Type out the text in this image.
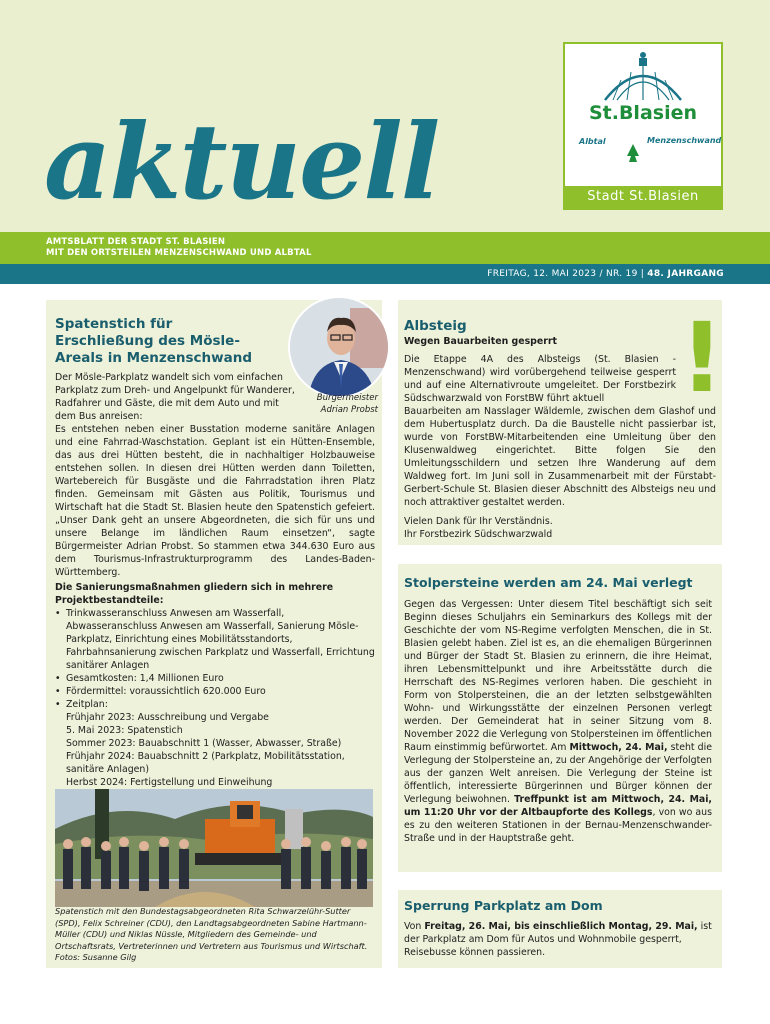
aktuell	St.Blasien
Albtal	Menzenschwand
Stadt St.Blasien
AMTSBLATT DER STADT ST. BLASIEN
MIT DEN ORTSTEILEN MENZENSCHWAND UND ALBTAL
FREITAG, 12. MAI 2023 / NR. 19 | 48. JAHRGANG
Spatenstich für Erschließung des Mösle-Areals in Menzenschwand
Bürgermeister
Adrian Probst
Der Mösle-Parkplatz wandelt sich vom einfachen Parkplatz zum Dreh- und Angelpunkt für Wanderer, Radfahrer und Gäste, die mit dem Auto und mit dem Bus anreisen:
Es entstehen neben einer Busstation moderne sanitäre Anlagen und eine Fahrrad-Waschstation. Geplant ist ein Hütten-Ensemble, das aus drei Hütten besteht, die in nachhaltiger Holzbauweise entstehen sollen. In diesen drei Hütten werden dann Toiletten, Wartebereich für Busgäste und die Fahrradstation ihren Platz finden. Gemeinsam mit Gästen aus Politik, Tourismus und Wirtschaft hat die Stadt St. Blasien heute den Spatenstich gefeiert. „Unser Dank geht an unsere Abgeordneten, die sich für uns und unsere Belange im ländlichen Raum einsetzen“, sagte Bürgermeister Adrian Probst. So stammen etwa 344.630 Euro aus dem Tourismus-Infrastrukturprogramm des Landes-Baden-Württemberg.
Die Sanierungsmaßnahmen gliedern sich in mehrere Projektbestandteile:
• Trinkwasseranschluss Anwesen am Wasserfall, Abwasseranschluss Anwesen am Wasserfall, Sanierung Mösle-Parkplatz, Einrichtung eines Mobilitätsstandorts, Fahrbahnsanierung zwischen Parkplatz und Wasserfall, Errichtung sanitärer Anlagen
• Gesamtkosten: 1,4 Millionen Euro
• Fördermittel: voraussichtlich 620.000 Euro
• Zeitplan:
Frühjahr 2023: Ausschreibung und Vergabe
5. Mai 2023: Spatenstich
Sommer 2023: Bauabschnitt 1 (Wasser, Abwasser, Straße)
Frühjahr 2024: Bauabschnitt 2 (Parkplatz, Mobilitätsstation, sanitäre Anlagen)
Herbst 2024: Fertigstellung und Einweihung
Spatenstich mit den Bundestagsabgeordneten Rita Schwarzelühr-Sutter (SPD), Felix Schreiner (CDU), den Landtagsabgeordneten Sabine Hartmann-Müller (CDU) und Niklas Nüssle, Mitgliedern des Gemeinde- und Ortschaftsrats, Vertreterinnen und Vertretern aus Tourismus und Wirtschaft. Fotos: Susanne Gilg
!
Albsteig
Wegen Bauarbeiten gesperrt
Die Etappe 4A des Albsteigs (St. Blasien - Menzenschwand) wird vorübergehend teilweise gesperrt und auf eine Alternativroute umgeleitet. Der Forstbezirk Südschwarzwald von ForstBW führt aktuell
Bauarbeiten am Nasslager Wäldemle, zwischen dem Glashof und dem Hubertusplatz durch. Da die Baustelle nicht passierbar ist, wurde von ForstBW-Mitarbeitenden eine Umleitung über den Klusenwaldweg eingerichtet. Bitte folgen Sie den Umleitungsschildern und setzen Ihre Wanderung auf dem Waldweg fort. Im Juni soll in Zusammenarbeit mit der Fürstabt-Gerbert-Schule St. Blasien dieser Abschnitt des Albsteigs neu und noch attraktiver gestaltet werden.
Vielen Dank für Ihr Verständnis.
Ihr Forstbezirk Südschwarzwald
Stolpersteine werden am 24. Mai verlegt
Gegen das Vergessen: Unter diesem Titel beschäftigt sich seit Beginn dieses Schuljahrs ein Seminarkurs des Kollegs mit der Geschichte der vom NS-Regime verfolgten Menschen, die in St. Blasien gelebt haben. Ziel ist es, an die ehemaligen Bürgerinnen und Bürger der Stadt St. Blasien zu erinnern, die ihre Heimat, ihren Lebensmittelpunkt und ihre Arbeitsstätte durch die Herrschaft des NS-Regimes verloren haben. Die geschieht in Form von Stolpersteinen, die an der letzten selbstgewählten Wohn- und Wirkungsstätte der einzelnen Personen verlegt werden. Der Gemeinderat hat in seiner Sitzung vom 8. November 2022 die Verlegung von Stolpersteinen im öffentlichen Raum einstimmig befürwortet. Am Mittwoch, 24. Mai, steht die Verlegung der Stolpersteine an, zu der Angehörige der Verfolgten aus der ganzen Welt anreisen. Die Verlegung der Steine ist öffentlich, interessierte Bürgerinnen und Bürger können der Verlegung beiwohnen. Treffpunkt ist am Mittwoch, 24. Mai, um 11:20 Uhr vor der Altbaupforte des Kollegs, von wo aus es zu den weiteren Stationen in der Bernau-Menzenschwander-Straße und in der Hauptstraße geht.
Sperrung Parkplatz am Dom
Von Freitag, 26. Mai, bis einschließlich Montag, 29. Mai, ist der Parkplatz am Dom für Autos und Wohnmobile gesperrt, Reisebusse können passieren.
